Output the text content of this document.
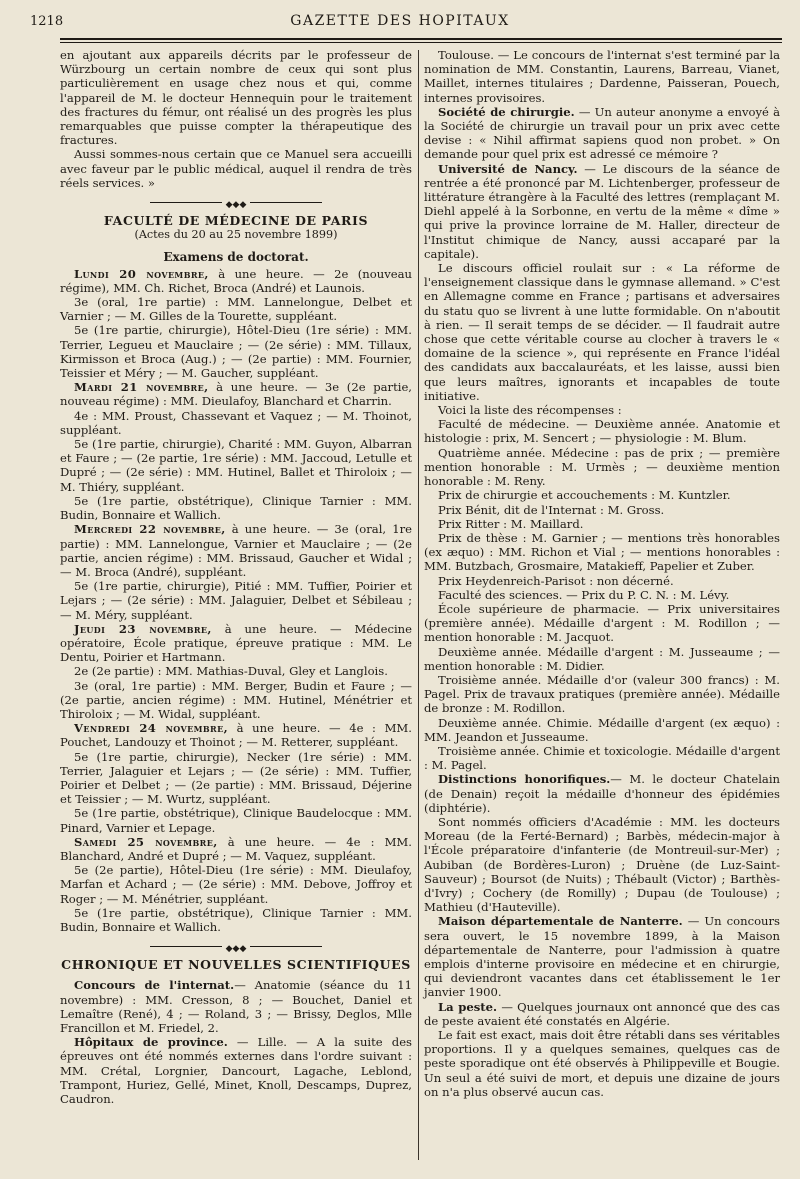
1218	GAZETTE DES HOPITAUX

en ajoutant aux appareils décrits par le professeur de Würzbourg un certain nombre de ceux qui sont plus particulièrement en usage chez nous et qui, comme l'appareil de M. le docteur Hennequin pour le traitement des fractures du fémur, ont réalisé un des progrès les plus remarquables que puisse compter la thérapeutique des fractures.

Aussi sommes-nous certain que ce Manuel sera accueilli avec faveur par le public médical, auquel il rendra de très réels services. »

◆◆◆
FACULTÉ DE MÉDECINE DE PARIS
(Actes du 20 au 25 novembre 1899)
Examens de doctorat.

Lundi 20 novembre, à une heure. — 2e (nouveau régime), MM. Ch. Richet, Broca (André) et Launois.

3e (oral, 1re partie) : MM. Lannelongue, Delbet et Varnier ; — M. Gilles de la Tourette, suppléant.

5e (1re partie, chirurgie), Hôtel-Dieu (1re série) : MM. Terrier, Legueu et Mauclaire ; — (2e série) : MM. Tillaux, Kirmisson et Broca (Aug.) ; — (2e partie) : MM. Fournier, Teissier et Méry ; — M. Gaucher, suppléant.

Mardi 21 novembre, à une heure. — 3e (2e partie, nouveau régime) : MM. Dieulafoy, Blanchard et Charrin.

4e : MM. Proust, Chassevant et Vaquez ; — M. Thoinot, suppléant.

5e (1re partie, chirurgie), Charité : MM. Guyon, Albarran et Faure ; — (2e partie, 1re série) : MM. Jaccoud, Letulle et Dupré ; — (2e série) : MM. Hutinel, Ballet et Thiroloix ; — M. Thiéry, suppléant.

5e (1re partie, obstétrique), Clinique Tarnier : MM. Budin, Bonnaire et Wallich.

Mercredi 22 novembre, à une heure. — 3e (oral, 1re partie) : MM. Lannelongue, Varnier et Mauclaire ; — (2e partie, ancien régime) : MM. Brissaud, Gaucher et Widal ; — M. Broca (André), suppléant.

5e (1re partie, chirurgie), Pitié : MM. Tuffier, Poirier et Lejars ; — (2e série) : MM. Jalaguier, Delbet et Sébileau ; — M. Méry, suppléant.

Jeudi 23 novembre, à une heure. — Médecine opératoire, École pratique, épreuve pratique : MM. Le Dentu, Poirier et Hartmann.

2e (2e partie) : MM. Mathias-Duval, Gley et Langlois.

3e (oral, 1re partie) : MM. Berger, Budin et Faure ; — (2e partie, ancien régime) : MM. Hutinel, Ménétrier et Thiroloix ; — M. Widal, suppléant.

Vendredi 24 novembre, à une heure. — 4e : MM. Pouchet, Landouzy et Thoinot ; — M. Retterer, suppléant.

5e (1re partie, chirurgie), Necker (1re série) : MM. Terrier, Jalaguier et Lejars ; — (2e série) : MM. Tuffier, Poirier et Delbet ; — (2e partie) : MM. Brissaud, Déjerine et Teissier ; — M. Wurtz, suppléant.

5e (1re partie, obstétrique), Clinique Baudelocque : MM. Pinard, Varnier et Lepage.

Samedi 25 novembre, à une heure. — 4e : MM. Blanchard, André et Dupré ; — M. Vaquez, suppléant.

5e (2e partie), Hôtel-Dieu (1re série) : MM. Dieulafoy, Marfan et Achard ; — (2e série) : MM. Debove, Joffroy et Roger ; — M. Ménétrier, suppléant.

5e (1re partie, obstétrique), Clinique Tarnier : MM. Budin, Bonnaire et Wallich.

◆◆◆
CHRONIQUE ET NOUVELLES SCIENTIFIQUES

Concours de l'internat.— Anatomie (séance du 11 novembre) : MM. Cresson, 8 ; — Bouchet, Daniel et Lemaître (René), 4 ; — Roland, 3 ; — Brissy, Deglos, Mlle Francillon et M. Friedel, 2.

Hôpitaux de province. — Lille. — A la suite des épreuves ont été nommés externes dans l'ordre suivant : MM. Crétal, Lorgnier, Dancourt, Lagache, Leblond, Trampont, Huriez, Gellé, Minet, Knoll, Descamps, Duprez, Caudron.

Toulouse. — Le concours de l'internat s'est terminé par la nomination de MM. Constantin, Laurens, Barreau, Vianet, Maillet, internes titulaires ; Dardenne, Paisseran, Pouech, internes provisoires.

Société de chirurgie. — Un auteur anonyme a envoyé à la Société de chirurgie un travail pour un prix avec cette devise : « Nihil affirmat sapiens quod non probet. » On demande pour quel prix est adressé ce mémoire ?

Université de Nancy. — Le discours de la séance de rentrée a été prononcé par M. Lichtenberger, professeur de littérature étrangère à la Faculté des lettres (remplaçant M. Diehl appelé à la Sorbonne, en vertu de la même « dîme » qui prive la province lorraine de M. Haller, directeur de l'Institut chimique de Nancy, aussi accaparé par la capitale).

Le discours officiel roulait sur : « La réforme de l'enseignement classique dans le gymnase allemand. » C'est en Allemagne comme en France ; partisans et adversaires du statu quo se livrent à une lutte formidable. On n'aboutit à rien. — Il serait temps de se décider. — Il faudrait autre chose que cette véritable course au clocher à travers le « domaine de la science », qui représente en France l'idéal des candidats aux baccalauréats, et les laisse, aussi bien que leurs maîtres, ignorants et incapables de toute initiative.

Voici la liste des récompenses :

Faculté de médecine. — Deuxième année. Anatomie et histologie : prix, M. Sencert ; — physiologie : M. Blum.

Quatrième année. Médecine : pas de prix ; — première mention honorable : M. Urmès ; — deuxième mention honorable : M. Reny.

Prix de chirurgie et accouchements : M. Kuntzler.

Prix Bénit, dit de l'Internat : M. Gross.

Prix Ritter : M. Maillard.

Prix de thèse : M. Garnier ; — mentions très honorables (ex æquo) : MM. Richon et Vial ; — mentions honorables : MM. Butzbach, Grosmaire, Matakieff, Papelier et Zuber.

Prix Heydenreich-Parisot : non décerné.

Faculté des sciences. — Prix du P. C. N. : M. Lévy.

École supérieure de pharmacie. — Prix universitaires (première année). Médaille d'argent : M. Rodillon ; — mention honorable : M. Jacquot.

Deuxième année. Médaille d'argent : M. Jusseaume ; — mention honorable : M. Didier.

Troisième année. Médaille d'or (valeur 300 francs) : M. Pagel. Prix de travaux pratiques (première année). Médaille de bronze : M. Rodillon.

Deuxième année. Chimie. Médaille d'argent (ex æquo) : MM. Jeandon et Jusseaume.

Troisième année. Chimie et toxicologie. Médaille d'argent : M. Pagel.

Distinctions honorifiques.— M. le docteur Chatelain (de Denain) reçoit la médaille d'honneur des épidémies (diphtérie).

Sont nommés officiers d'Académie : MM. les docteurs Moreau (de la Ferté-Bernard) ; Barbès, médecin-major à l'École préparatoire d'infanterie (de Montreuil-sur-Mer) ; Aubiban (de Bordères-Luron) ; Druène (de Luz-Saint-Sauveur) ; Boursot (de Nuits) ; Thébault (Victor) ; Barthès-d'Ivry) ; Cochery (de Romilly) ; Dupau (de Toulouse) ; Mathieu (d'Hauteville).

Maison départementale de Nanterre. — Un concours sera ouvert, le 15 novembre 1899, à la Maison départementale de Nanterre, pour l'admission à quatre emplois d'interne provisoire en médecine et en chirurgie, qui deviendront vacantes dans cet établissement le 1er janvier 1900.

La peste. — Quelques journaux ont annoncé que des cas de peste avaient été constatés en Algérie.

Le fait est exact, mais doit être rétabli dans ses véritables proportions. Il y a quelques semaines, quelques cas de peste sporadique ont été observés à Philippeville et Bougie. Un seul a été suivi de mort, et depuis une dizaine de jours on n'a plus observé aucun cas.
